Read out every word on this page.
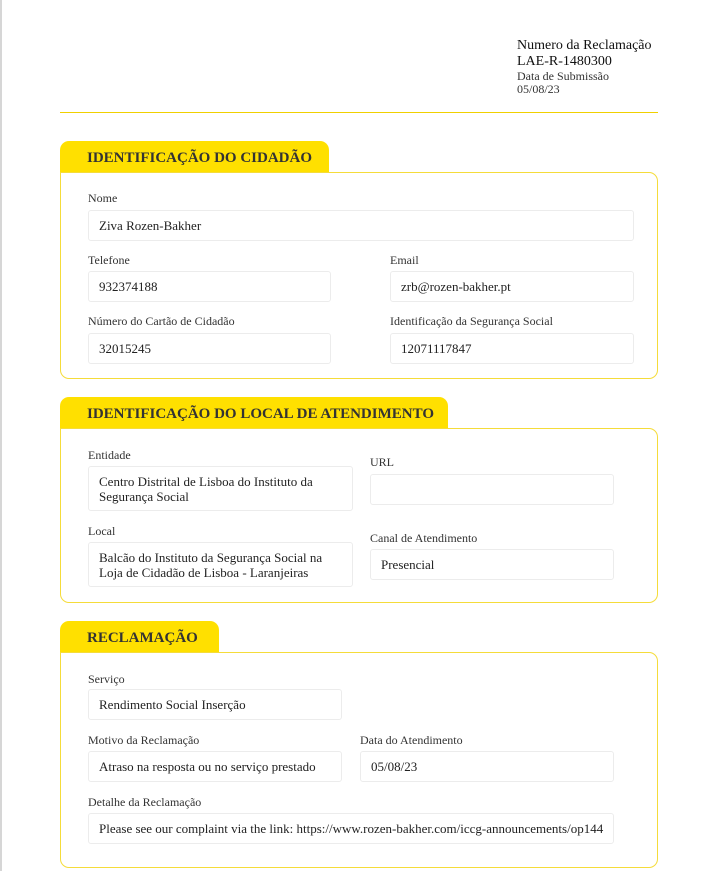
Numero da Reclamação
LAE-R-1480300
Data de Submissão
05/08/23
IDENTIFICAÇÃO DO CIDADÃO
Nome
Ziva Rozen-Bakher
Telefone
932374188
Email
zrb@rozen-bakher.pt
Número do Cartão de Cidadão
32015245
Identificação da Segurança Social
12071117847
IDENTIFICAÇÃO DO LOCAL DE ATENDIMENTO
Entidade
Centro Distrital de Lisboa do Instituto da Segurança Social
URL
Local
Balcão do Instituto da Segurança Social na Loja de Cidadão de Lisboa - Laranjeiras
Canal de Atendimento
Presencial
RECLAMAÇÃO
Serviço
Rendimento Social Inserção
Motivo da Reclamação
Atraso na resposta ou no serviço prestado
Data do Atendimento
05/08/23
Detalhe da Reclamação
Please see our complaint via the link: https://www.rozen-bakher.com/iccg-announcements/op144
